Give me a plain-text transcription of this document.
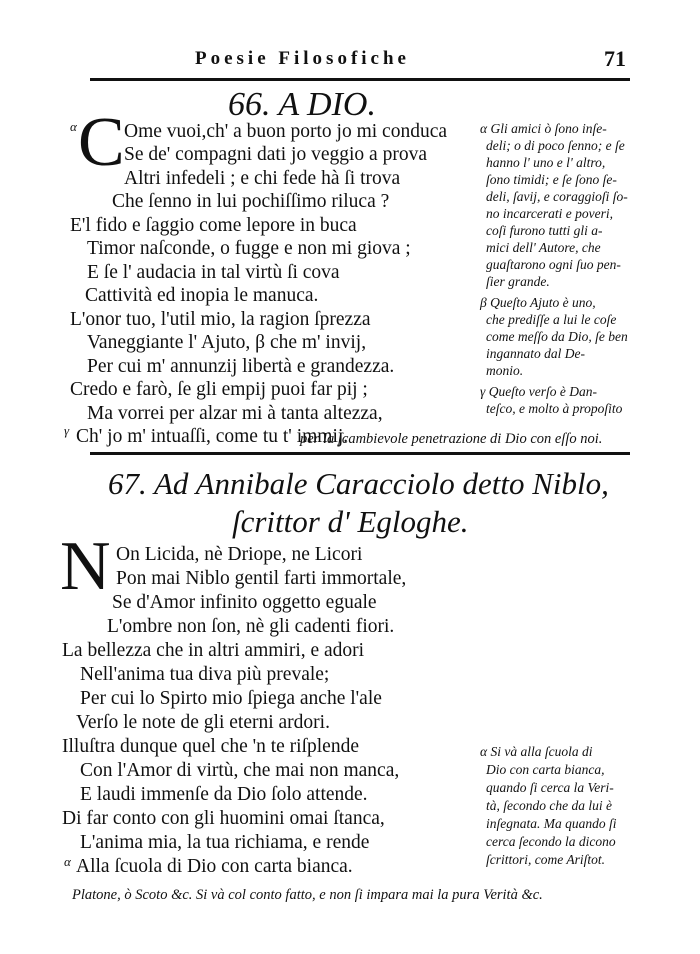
Poesie Filosofiche	71
66. A DIO.
α C Ome vuoi,ch' a buon porto jo mi conduca
Se de' compagni dati jo veggio a prova
Altri infedeli ; e chi fede hà ſi trova
Che ſenno in lui pochiſſimo riluca ?
E'l fido e ſaggio come lepore in buca
Timor naſconde, o fugge e non mi giova ;
E ſe l' audacia in tal virtù ſi cova
Cattività ed inopia le manuca.
L'onor tuo, l'util mio, la ragion ſprezza
Vaneggiante l' Ajuto, β che m' invij,
Per cui m' annunzij libertà e grandezza.
Credo e farò, ſe gli empij puoi far pij ;
Ma vorrei per alzar mi à tanta altezza,
γ Ch' jo m' intuaſſi, come tu t' immij.
α Gli amici ò ſono inſe-
deli; o di poco ſenno; e ſe
hanno l' uno e l' altro,
ſono timidi; e ſe ſono ſe-
deli, ſavij, e coraggioſi ſo-
no incarcerati e poveri,
coſi furono tutti gli a-
mici dell' Autore, che
guaſtarono ogni ſuo pen-
ſier grande.
β Queſto Ajuto è uno,
che prediſſe a lui le coſe
come meſſo da Dio, ſe ben
ingannato dal De-
monio.
γ Queſto verſo è Dan-
teſco, e molto à propoſito
per la ſcambievole penetrazione di Dio con eſſo noi.
67. Ad Annibale Caracciolo detto Niblo,
ſcrittor d' Egloghe.
N On Licida, nè Driope, ne Licori
Pon mai Niblo gentil farti immortale,
Se d'Amor infinito oggetto eguale
L'ombre non ſon, nè gli cadenti fiori.
La bellezza che in altri ammiri, e adori
Nell'anima tua diva più prevale;
Per cui lo Spirto mio ſpiega anche l'ale
Verſo le note de gli eterni ardori.
Illuſtra dunque quel che 'n te riſplende
Con l'Amor di virtù, che mai non manca,
E laudi immenſe da Dio ſolo attende.
Di far conto con gli huomini omai ſtanca,
L'anima mia, la tua richiama, e rende
α Alla ſcuola di Dio con carta bianca.
α Si và alla ſcuola di
Dio con carta bianca,
quando ſi cerca la Veri-
tà, ſecondo che da lui è
inſegnata. Ma quando ſi
cerca ſecondo la dicono
ſcrittori, come Ariſtot.
Platone, ò Scoto &c. Si và col conto fatto, e non ſi impara mai la pura Verità &c.
